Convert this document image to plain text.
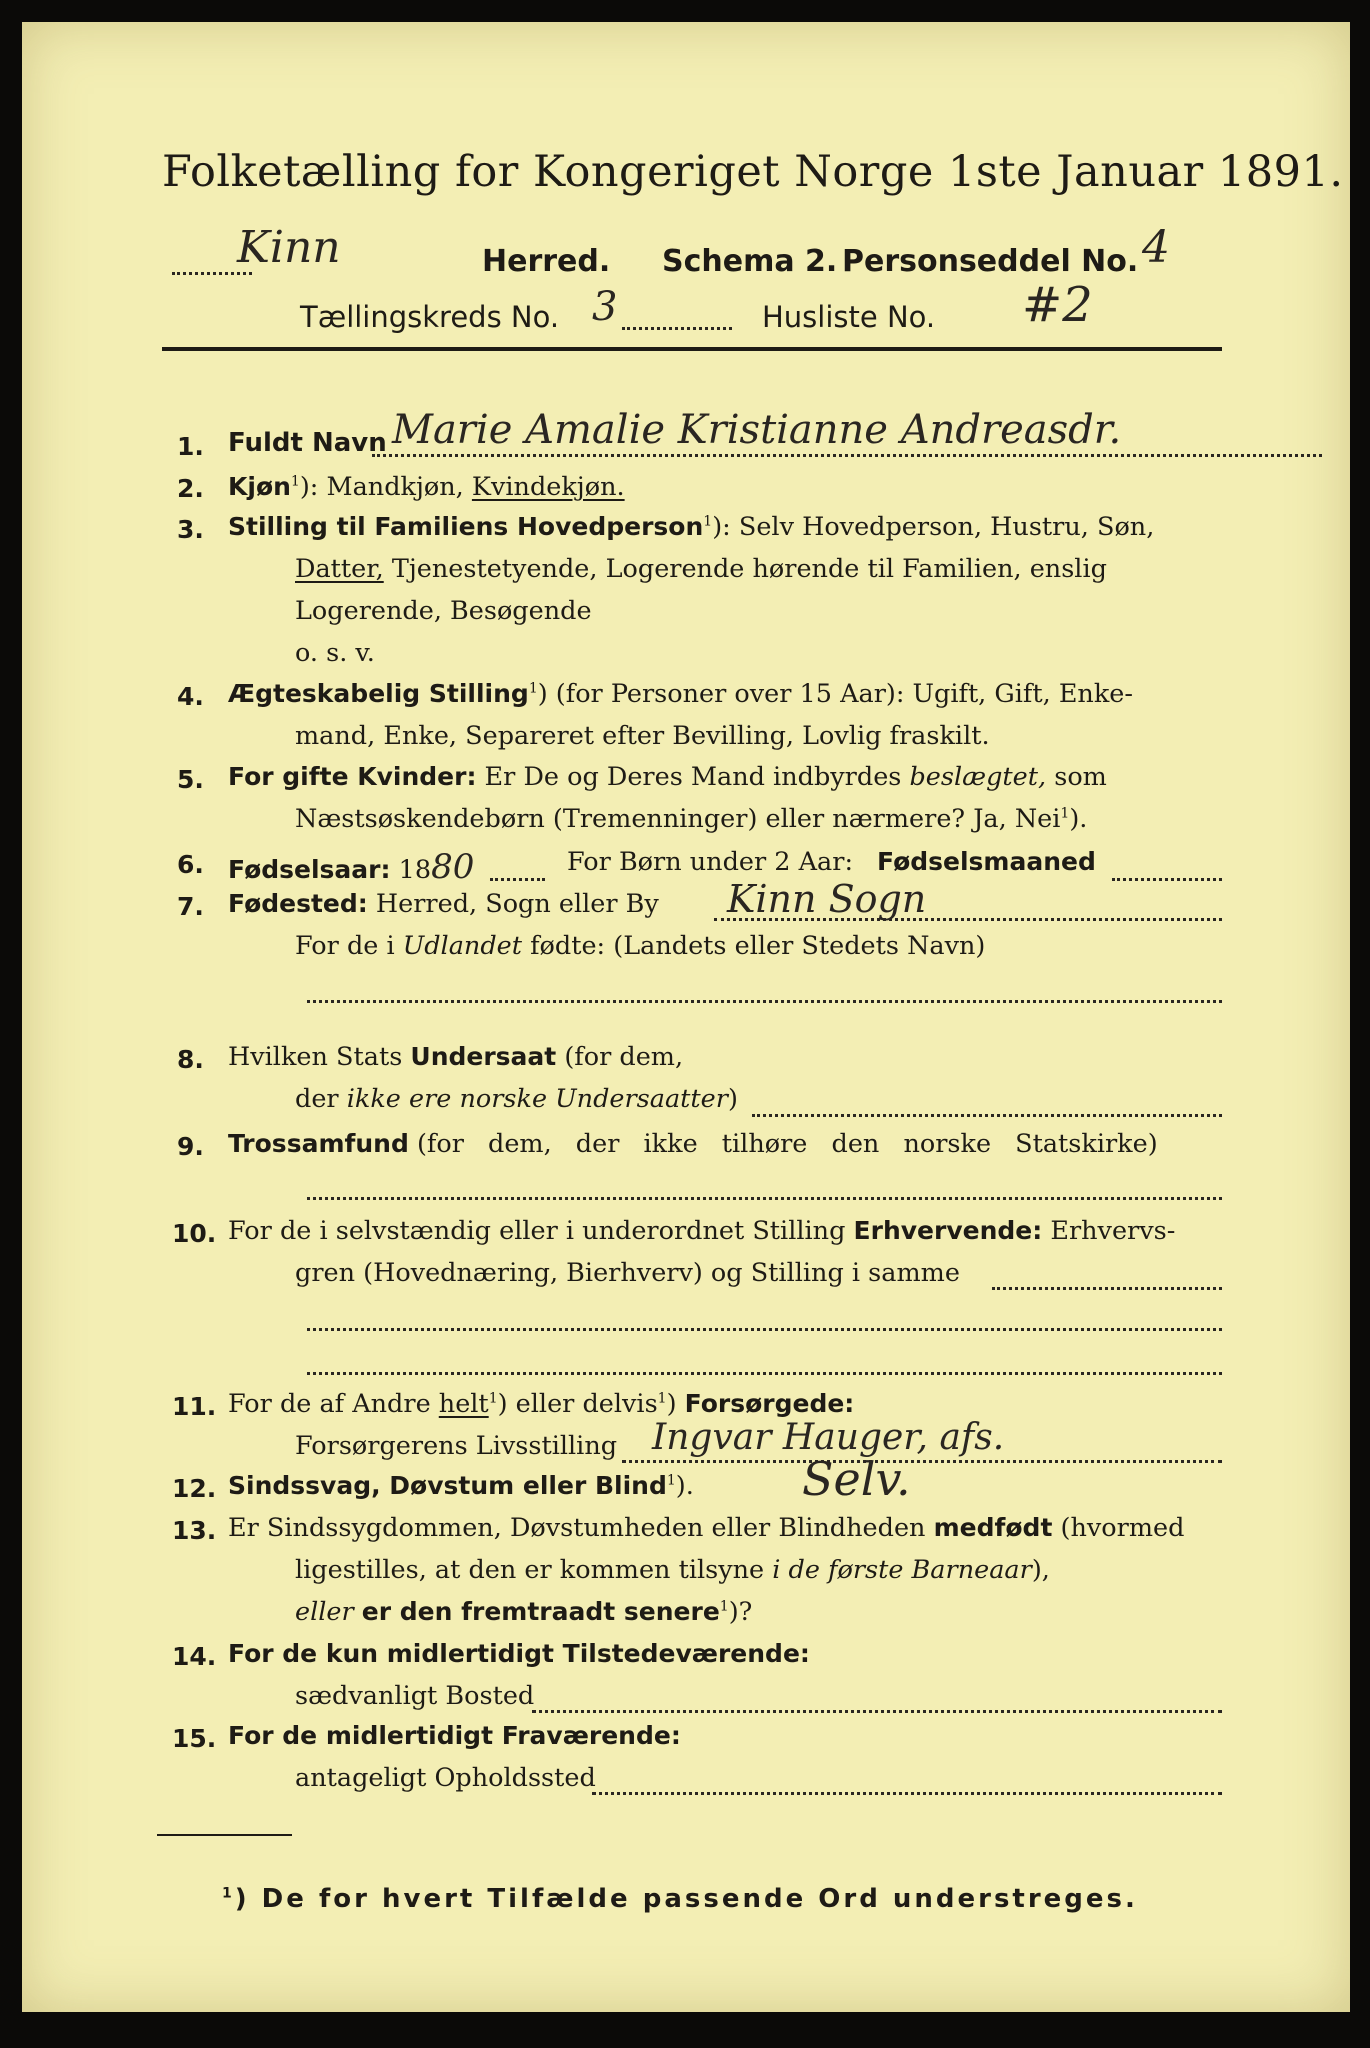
Folketælling for Kongeriget Norge 1ste Januar 1891.
Kinn	Herred. Schema 2. Personseddel No. 4
Tællingskreds No. 3	Husliste No. #2
1. Fuldt Navn Marie Amalie Kristianne Andreasdr.
2. Kjøn$^1$): Mandkjøn, Kvindekjøn.
3. Stilling til Familiens Hovedperson$^1$): Selv Hovedperson, Hustru, Søn,
Datter, Tjenestetyende, Logerende hørende til Familien, enslig
Logerende, Besøgende
o. s. v.
4. Ægteskabelig Stilling$^1$) (for Personer over 15 Aar): Ugift, Gift, Enke-
mand, Enke, Separeret efter Bevilling, Lovlig fraskilt.
5. For gifte Kvinder: Er De og Deres Mand indbyrdes beslægtet, som
Næstsøskendebørn (Tremenninger) eller nærmere? Ja, Nei$^1$).
6. Fødselsaar: 1880	For Børn under 2 Aar: Fødselsmaaned
7. Fødested: Herred, Sogn eller By Kinn Sogn
For de i Udlandet fødte: (Landets eller Stedets Navn)
8. Hvilken Stats Undersaat (for dem,
der ikke ere norske Undersaatter)
9. Trossamfund (for dem, der ikke tilhøre den norske Statskirke)
10. For de i selvstændig eller i underordnet Stilling Erhvervende: Erhvervs-
gren (Hovednæring, Bierhverv) og Stilling i samme
11. For de af Andre helt$^1$) eller delvis$^1$) Forsørgede:
Forsørgerens Livsstilling Ingvar Hauger, afs.
12. Sindssvag, Døvstum eller Blind$^1$). Selv.
13. Er Sindssygdommen, Døvstumheden eller Blindheden medfødt (hvormed
ligestilles, at den er kommen tilsyne i de første Barneaar),
eller er den fremtraadt senere$^1$)?
14. For de kun midlertidigt Tilstedeværende:
sædvanligt Bosted
15. For de midlertidigt Fraværende:
antageligt Opholdssted
$^1$) De for hvert Tilfælde passende Ord understreges.
